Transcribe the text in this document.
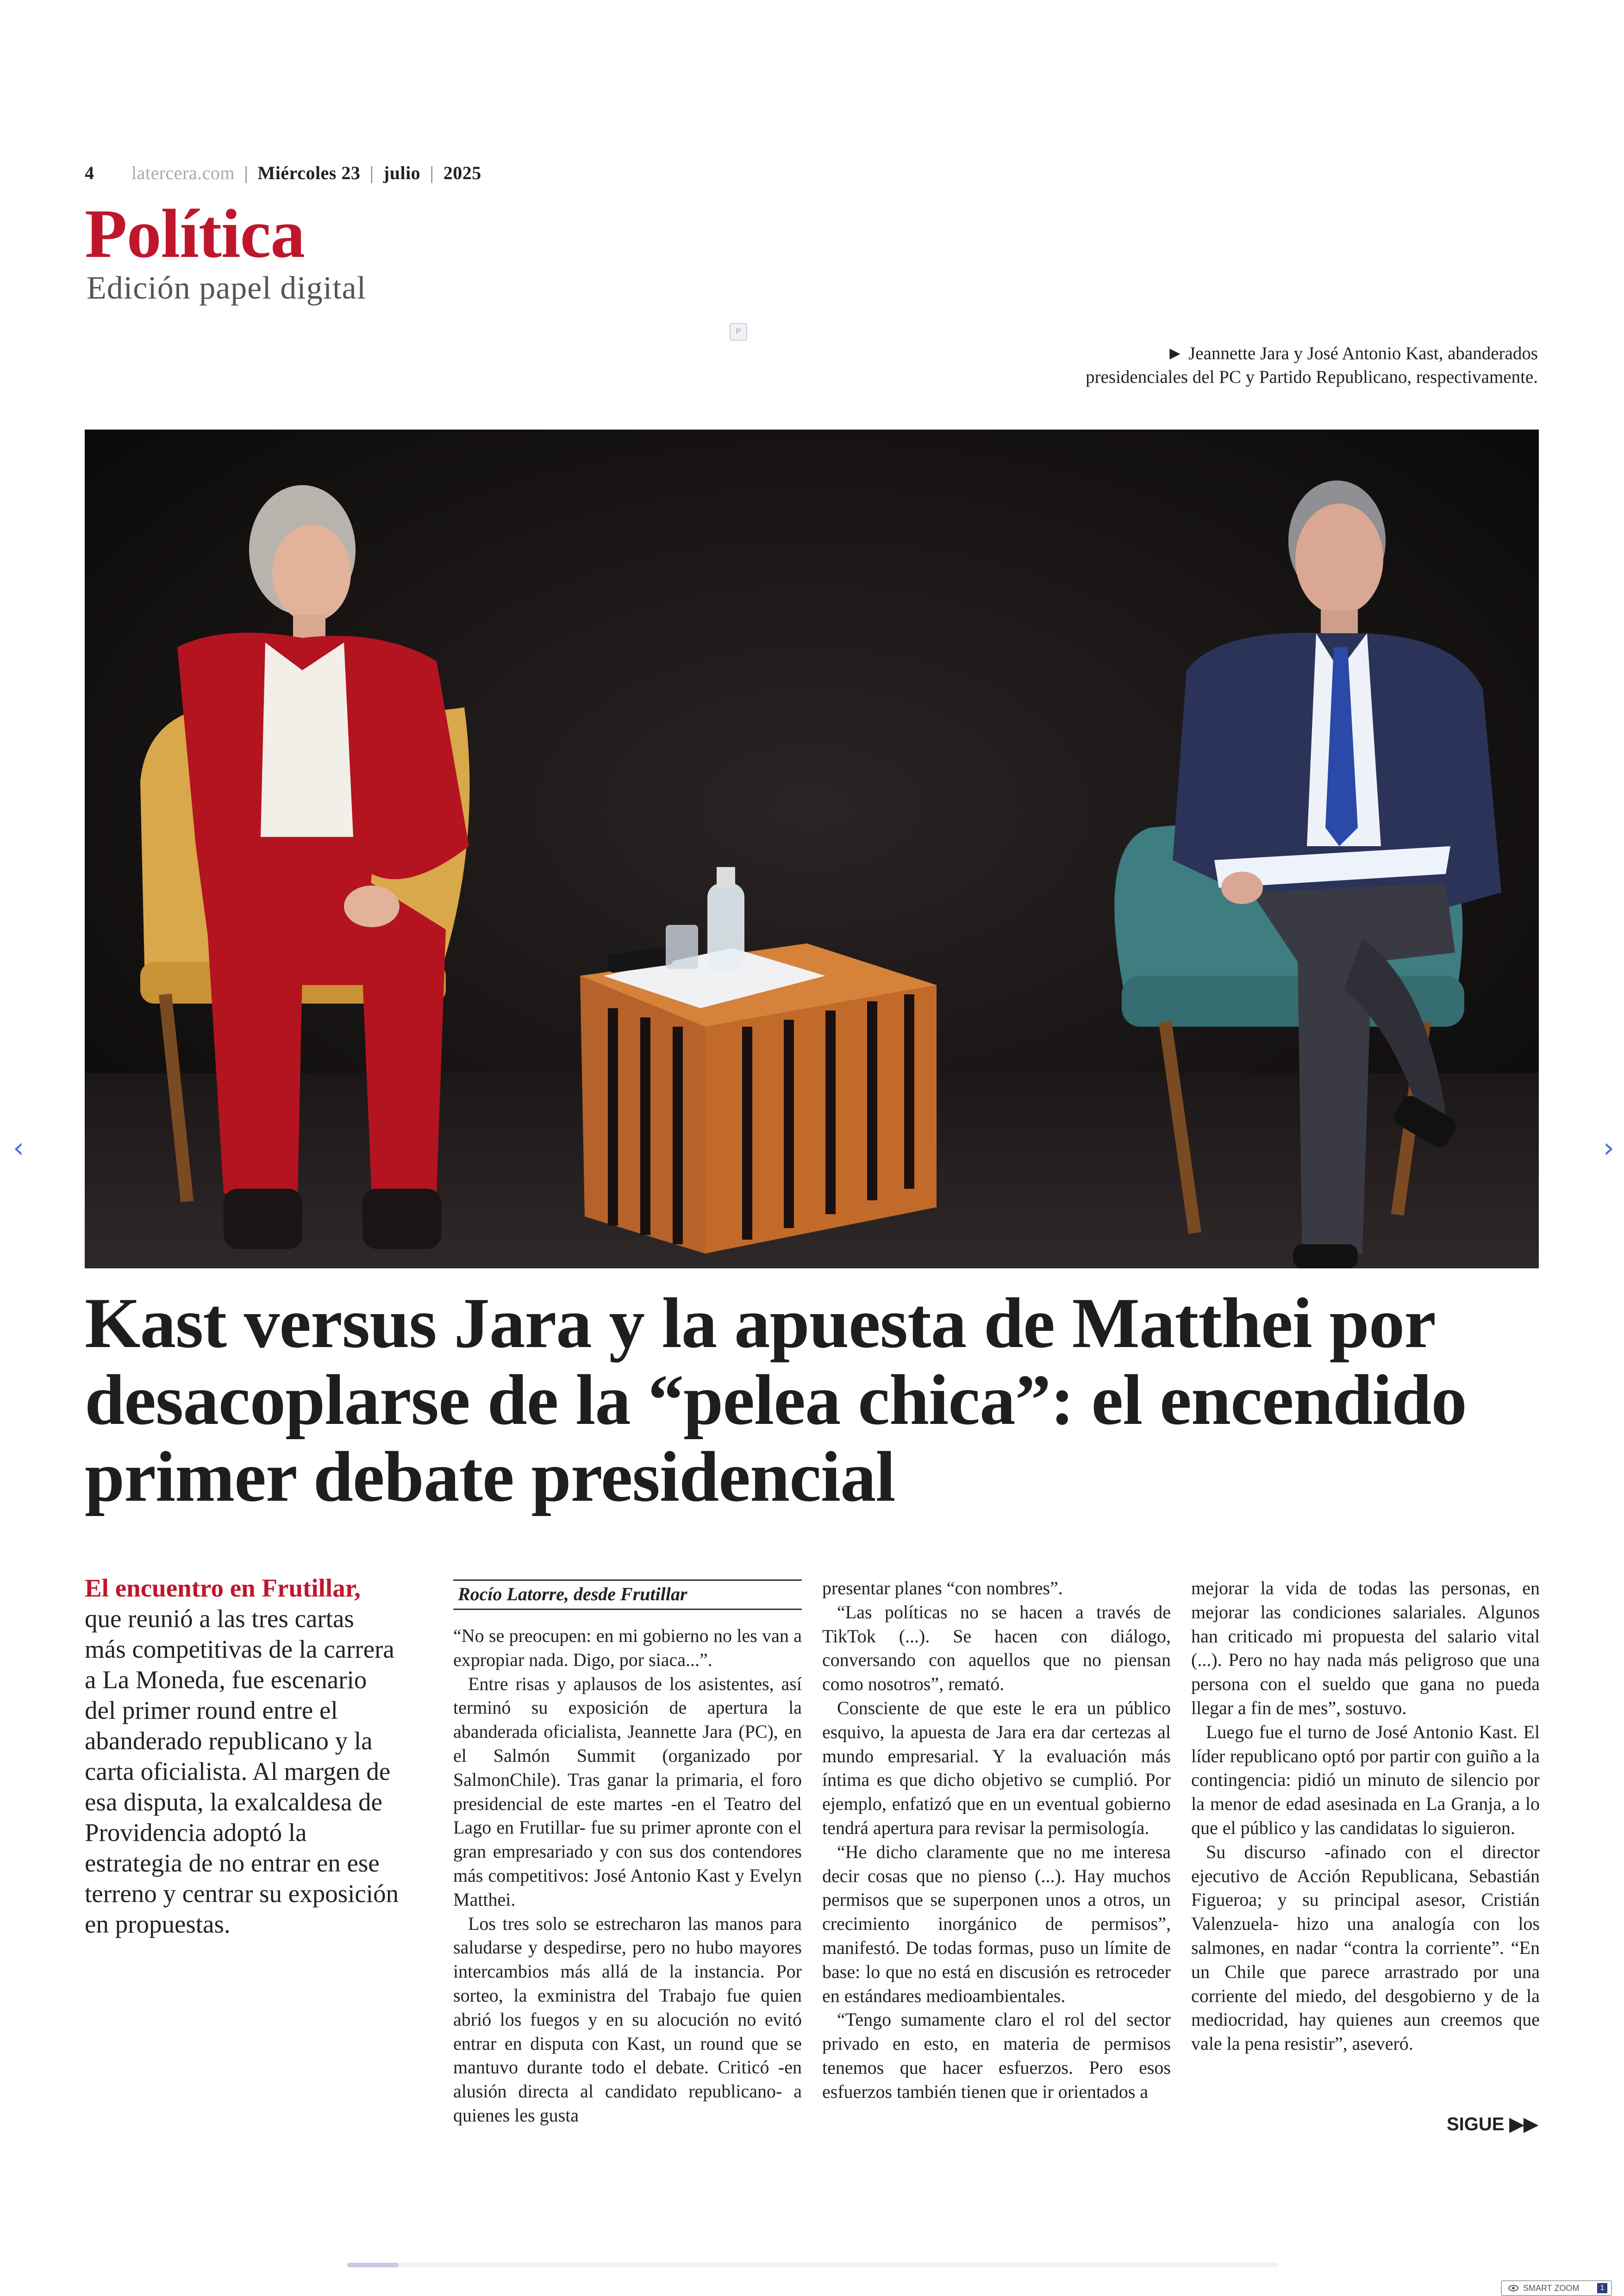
4 latercera.com | Miércoles 23 | julio | 2025
Política
Edición papel digital
P
► Jeannette Jara y José Antonio Kast, abanderados presidenciales del PC y Partido Republicano, respectivamente.
Kast versus Jara y la apuesta de Matthei por desacoplarse de la “pelea chica”: el encendido primer debate presidencial
El encuentro en Frutillar, que reunió a las tres cartas más competitivas de la carrera a La Moneda, fue escenario del primer round entre el abanderado republicano y la carta oficialista. Al margen de esa disputa, la exalcaldesa de Providencia adoptó la estrategia de no entrar en ese terreno y centrar su exposición en propuestas.
Rocío Latorre, desde Frutillar

“No se preocupen: en mi gobierno no les van a expropiar nada. Digo, por siaca...”.

Entre risas y aplausos de los asistentes, así terminó su exposición de apertura la abanderada oficialista, Jeannette Jara (PC), en el Salmón Summit (organizado por SalmonChile). Tras ganar la primaria, el foro presidencial de este martes -en el Teatro del Lago en Frutillar- fue su primer apronte con el gran empresariado y con sus dos contendores más competitivos: José Antonio Kast y Evelyn Matthei.

Los tres solo se estrecharon las manos para saludarse y despedirse, pero no hubo mayores intercambios más allá de la instancia. Por sorteo, la exministra del Trabajo fue quien abrió los fuegos y en su alocución no evitó entrar en disputa con Kast, un round que se mantuvo durante todo el debate. Criticó -en alusión directa al candidato republicano- a quienes les gusta

presentar planes “con nombres”.

“Las políticas no se hacen a través de TikTok (...). Se hacen con diálogo, conversando con aquellos que no piensan como nosotros”, remató.

Consciente de que este le era un público esquivo, la apuesta de Jara era dar certezas al mundo empresarial. Y la evaluación más íntima es que dicho objetivo se cumplió. Por ejemplo, enfatizó que en un eventual gobierno tendrá apertura para revisar la permisología.

“He dicho claramente que no me interesa decir cosas que no pienso (...). Hay muchos permisos que se superponen unos a otros, un crecimiento inorgánico de permisos”, manifestó. De todas formas, puso un límite de base: lo que no está en discusión es retroceder en estándares medioambientales.

“Tengo sumamente claro el rol del sector privado en esto, en materia de permisos tenemos que hacer esfuerzos. Pero esos esfuerzos también tienen que ir orientados a

mejorar la vida de todas las personas, en mejorar las condiciones salariales. Algunos han criticado mi propuesta del salario vital (...). Pero no hay nada más peligroso que una persona con el sueldo que gana no pueda llegar a fin de mes”, sostuvo.

Luego fue el turno de José Antonio Kast. El líder republicano optó por partir con guiño a la contingencia: pidió un minuto de silencio por la menor de edad asesinada en La Granja, a lo que el público y las candidatas lo siguieron.

Su discurso -afinado con el director ejecutivo de Acción Republicana, Sebastián Figueroa; y su principal asesor, Cristián Valenzuela- hizo una analogía con los salmones, en nadar “contra la corriente”. “En un Chile que parece arrastrado por una corriente del miedo, del desgobierno y de la mediocridad, hay quienes aun creemos que vale la pena resistir”, aseveró.

SIGUE ▶▶
‹	›
SMART ZOOM	1
